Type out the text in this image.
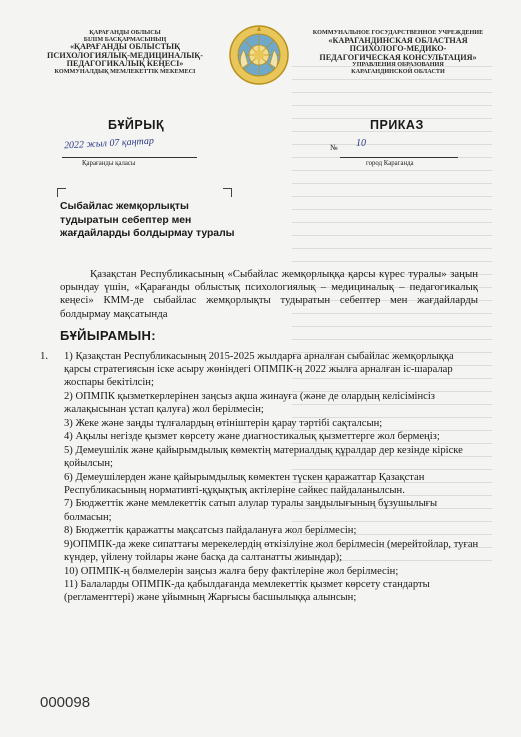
ҚАРАҒАНДЫ ОБЛЫСЫ
БІЛІМ БАСҚАРМАСЫНЫҢ
«ҚАРАҒАНДЫ ОБЛЫСТЫҚ
ПСИХОЛОГИЯЛЫҚ-МЕДИЦИНАЛЫҚ-
ПЕДАГОГИКАЛЫҚ КЕҢЕСІ»
КОММУНАЛДЫҚ МЕМЛЕКЕТТІК МЕКЕМЕСІ
КОММУНАЛЬНОЕ ГОСУДАРСТВЕННОЕ УЧРЕЖДЕНИЕ
«КАРАГАНДИНСКАЯ ОБЛАСТНАЯ
ПСИХОЛОГО-МЕДИКО-
ПЕДАГОГИЧЕСКАЯ КОНСУЛЬТАЦИЯ»
УПРАВЛЕНИЯ ОБРАЗОВАНИЯ
КАРАГАНДИНСКОЙ ОБЛАСТИ
БҰЙРЫҚ	ПРИКАЗ
2022 жыл 07 қаңтар	№ 10
Қарағанды қаласы	город Караганда
Сыбайлас жемқорлықты тудыратын себептер мен жағдайларды болдырмау туралы
Қазақстан Республикасының «Сыбайлас жемқорлыққа қарсы күрес туралы» заңын орындау үшін, «Қарағанды облыстық психологиялық – медициналық – педагогикалық кеңесі» КММ-де сыбайлас жемқорлықты тудыратын себептер мен жағдайларды болдырмау мақсатында
БҰЙЫРАМЫН:
1. 1) Қазақстан Республикасының 2015-2025 жылдарға арналған сыбайлас жемқорлыққа қарсы стратегиясын іске асыру жөніндегі ОПМПК-ң 2022 жылға арналған іс-шаралар жоспары бекітілсін;
2) ОПМПК қызметкерлерінен заңсыз ақша жинауға (және де олардың келісімінсіз жалақысынан ұстап қалуға) жол берілмесін;
3) Жеке және заңды тұлғалардың өтініштерін қарау тәртібі сақталсын;
4) Ақылы негізде қызмет көрсету және диагностикалық қызметтерге жол бермеңіз;
5) Демеушілік және қайырымдылық көмектің материалдық құралдар дер кезінде кіріске қойылсын;
6) Демеушілерден және қайырымдылық көмектен түскен қаражаттар Қазақстан Республикасының нормативті-құқықтық актілеріне сәйкес пайдаланылсын.
7) Бюджеттік және мемлекеттік сатып алулар туралы заңдылығының бұзушылығы болмасын;
8) Бюджеттік қаражатты мақсатсыз пайдалануға жол берілмесін;
9)ОПМПК-да жеке сипаттағы мерекелердің өткізілуіне жол берілмесін (мерейтойлар, туған күндер, үйлену тойлары және басқа да салтанатты жиындар);
10) ОПМПК-ң бөлмелерін заңсыз жалға беру фактілеріне жол берілмесін;
11) Балаларды ОПМПК-да қабылдағанда мемлекеттік қызмет көрсету стандарты (регламенттері) және ұйымның Жарғысы басшылыққа алынсын;
000098
